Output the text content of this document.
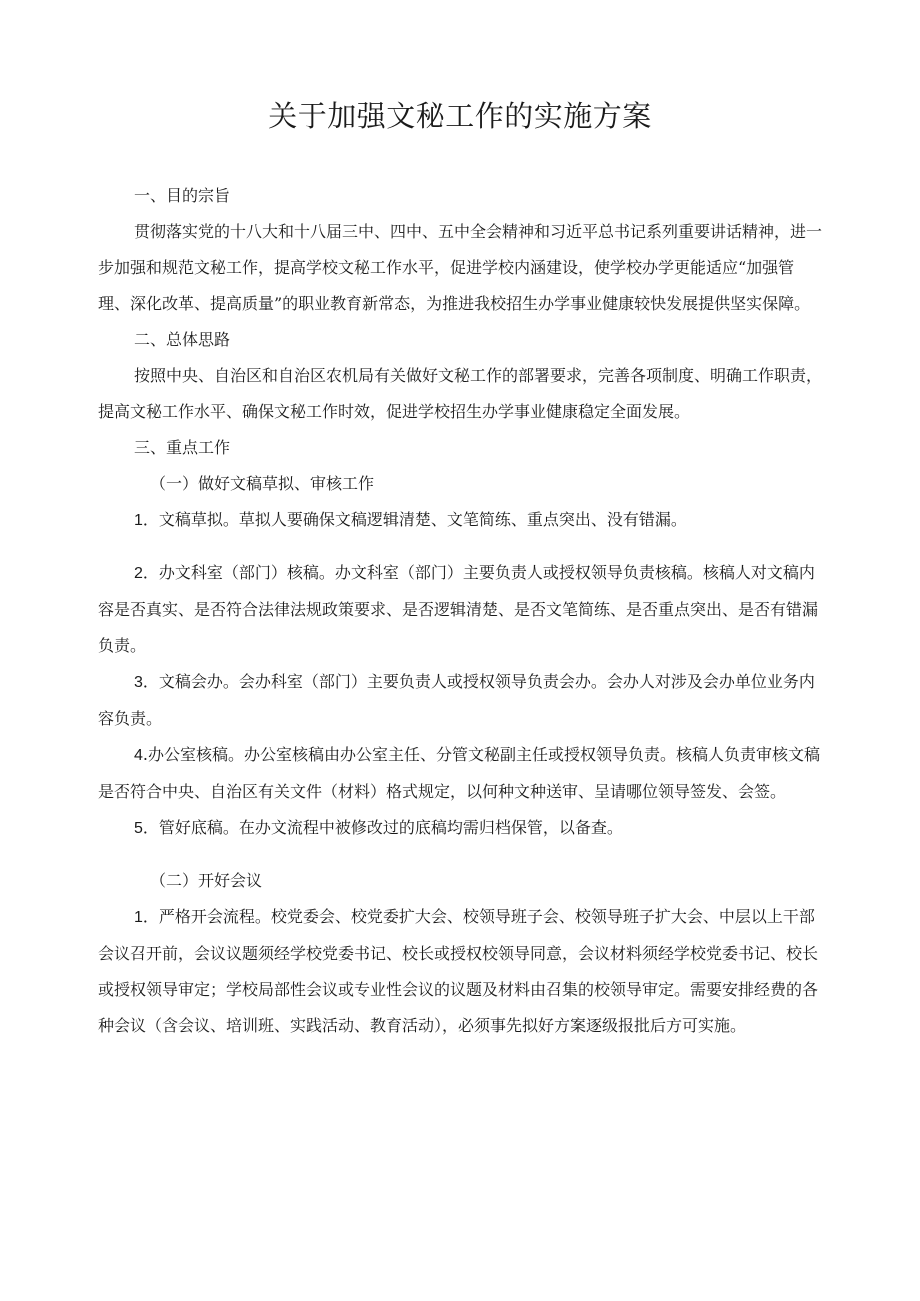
关于加强文秘工作的实施方案

一、目的宗旨

贯彻落实党的十八大和十八届三中、四中、五中全会精神和习近平总书记系列重要讲话精神，进一步加强和规范文秘工作，提高学校文秘工作水平，促进学校内涵建设，使学校办学更能适应“加强管理、深化改革、提高质量”的职业教育新常态，为推进我校招生办学事业健康较快发展提供坚实保障。

二、总体思路

按照中央、自治区和自治区农机局有关做好文秘工作的部署要求，完善各项制度、明确工作职责，提高文秘工作水平、确保文秘工作时效，促进学校招生办学事业健康稳定全面发展。

三、重点工作

（一）做好文稿草拟、审核工作

1．文稿草拟。草拟人要确保文稿逻辑清楚、文笔简练、重点突出、没有错漏。

2．办文科室（部门）核稿。办文科室（部门）主要负责人或授权领导负责核稿。核稿人对文稿内容是否真实、是否符合法律法规政策要求、是否逻辑清楚、是否文笔简练、是否重点突出、是否有错漏负责。

3．文稿会办。会办科室（部门）主要负责人或授权领导负责会办。会办人对涉及会办单位业务内容负责。

4.办公室核稿。办公室核稿由办公室主任、分管文秘副主任或授权领导负责。核稿人负责审核文稿是否符合中央、自治区有关文件（材料）格式规定，以何种文种送审、呈请哪位领导签发、会签。

5．管好底稿。在办文流程中被修改过的底稿均需归档保管，以备查。

（二）开好会议

1．严格开会流程。校党委会、校党委扩大会、校领导班子会、校领导班子扩大会、中层以上干部会议召开前，会议议题须经学校党委书记、校长或授权校领导同意，会议材料须经学校党委书记、校长或授权领导审定；学校局部性会议或专业性会议的议题及材料由召集的校领导审定。需要安排经费的各种会议（含会议、培训班、实践活动、教育活动），必须事先拟好方案逐级报批后方可实施。
